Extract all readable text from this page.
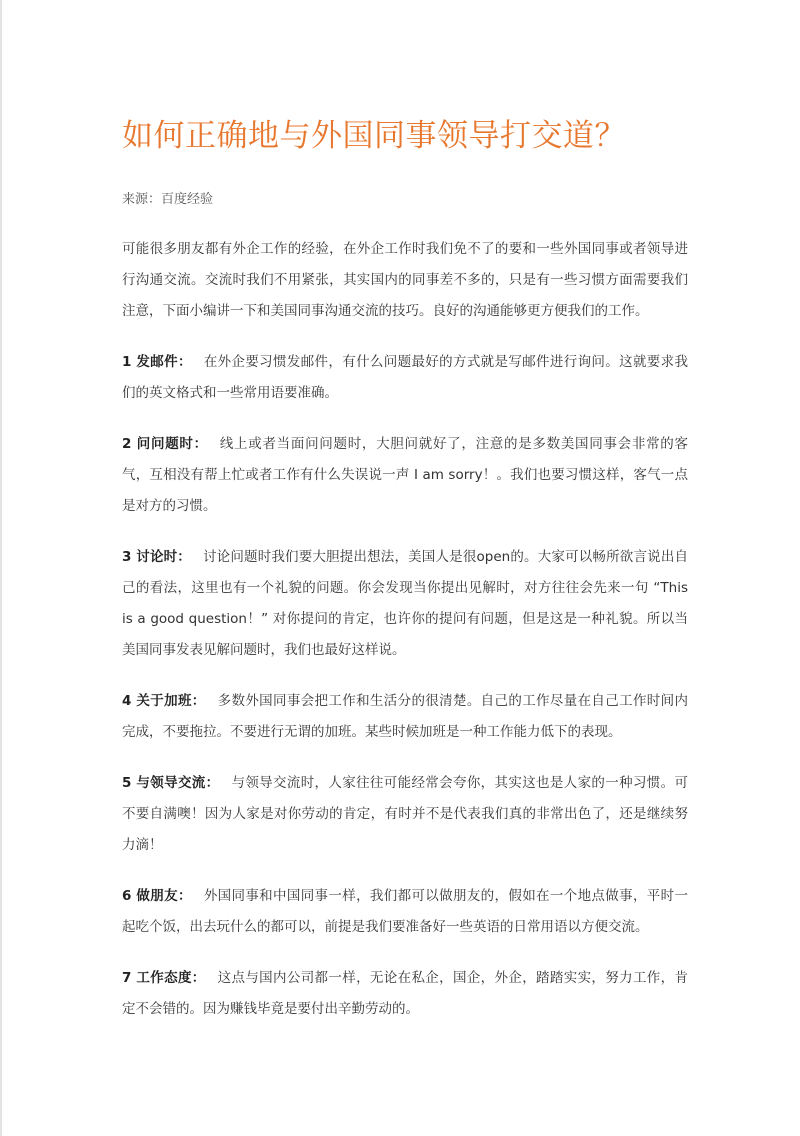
如何正确地与外国同事领导打交道？
来源：百度经验

可能很多朋友都有外企工作的经验，在外企工作时我们免不了的要和一些外国同事或者领导进行沟通交流。交流时我们不用紧张，其实国内的同事差不多的，只是有一些习惯方面需要我们注意，下面小编讲一下和美国同事沟通交流的技巧。良好的沟通能够更方便我们的工作。

1 发邮件： 在外企要习惯发邮件，有什么问题最好的方式就是写邮件进行询问。这就要求我们的英文格式和一些常用语要准确。

2 问问题时： 线上或者当面问问题时，大胆问就好了，注意的是多数美国同事会非常的客气，互相没有帮上忙或者工作有什么失误说一声 I am sorry！。我们也要习惯这样，客气一点是对方的习惯。

3 讨论时： 讨论问题时我们要大胆提出想法，美国人是很open的。大家可以畅所欲言说出自己的看法，这里也有一个礼貌的问题。你会发现当你提出见解时，对方往往会先来一句 “This is a good question！” 对你提问的肯定，也许你的提问有问题，但是这是一种礼貌。所以当美国同事发表见解问题时，我们也最好这样说。

4 关于加班： 多数外国同事会把工作和生活分的很清楚。自己的工作尽量在自己工作时间内完成，不要拖拉。不要进行无谓的加班。某些时候加班是一种工作能力低下的表现。

5 与领导交流： 与领导交流时，人家往往可能经常会夸你，其实这也是人家的一种习惯。可不要自满噢！因为人家是对你劳动的肯定，有时并不是代表我们真的非常出色了，还是继续努力滴！

6 做朋友： 外国同事和中国同事一样，我们都可以做朋友的，假如在一个地点做事，平时一起吃个饭，出去玩什么的都可以，前提是我们要准备好一些英语的日常用语以方便交流。

7 工作态度： 这点与国内公司都一样，无论在私企，国企，外企，踏踏实实，努力工作，肯定不会错的。因为赚钱毕竟是要付出辛勤劳动的。
